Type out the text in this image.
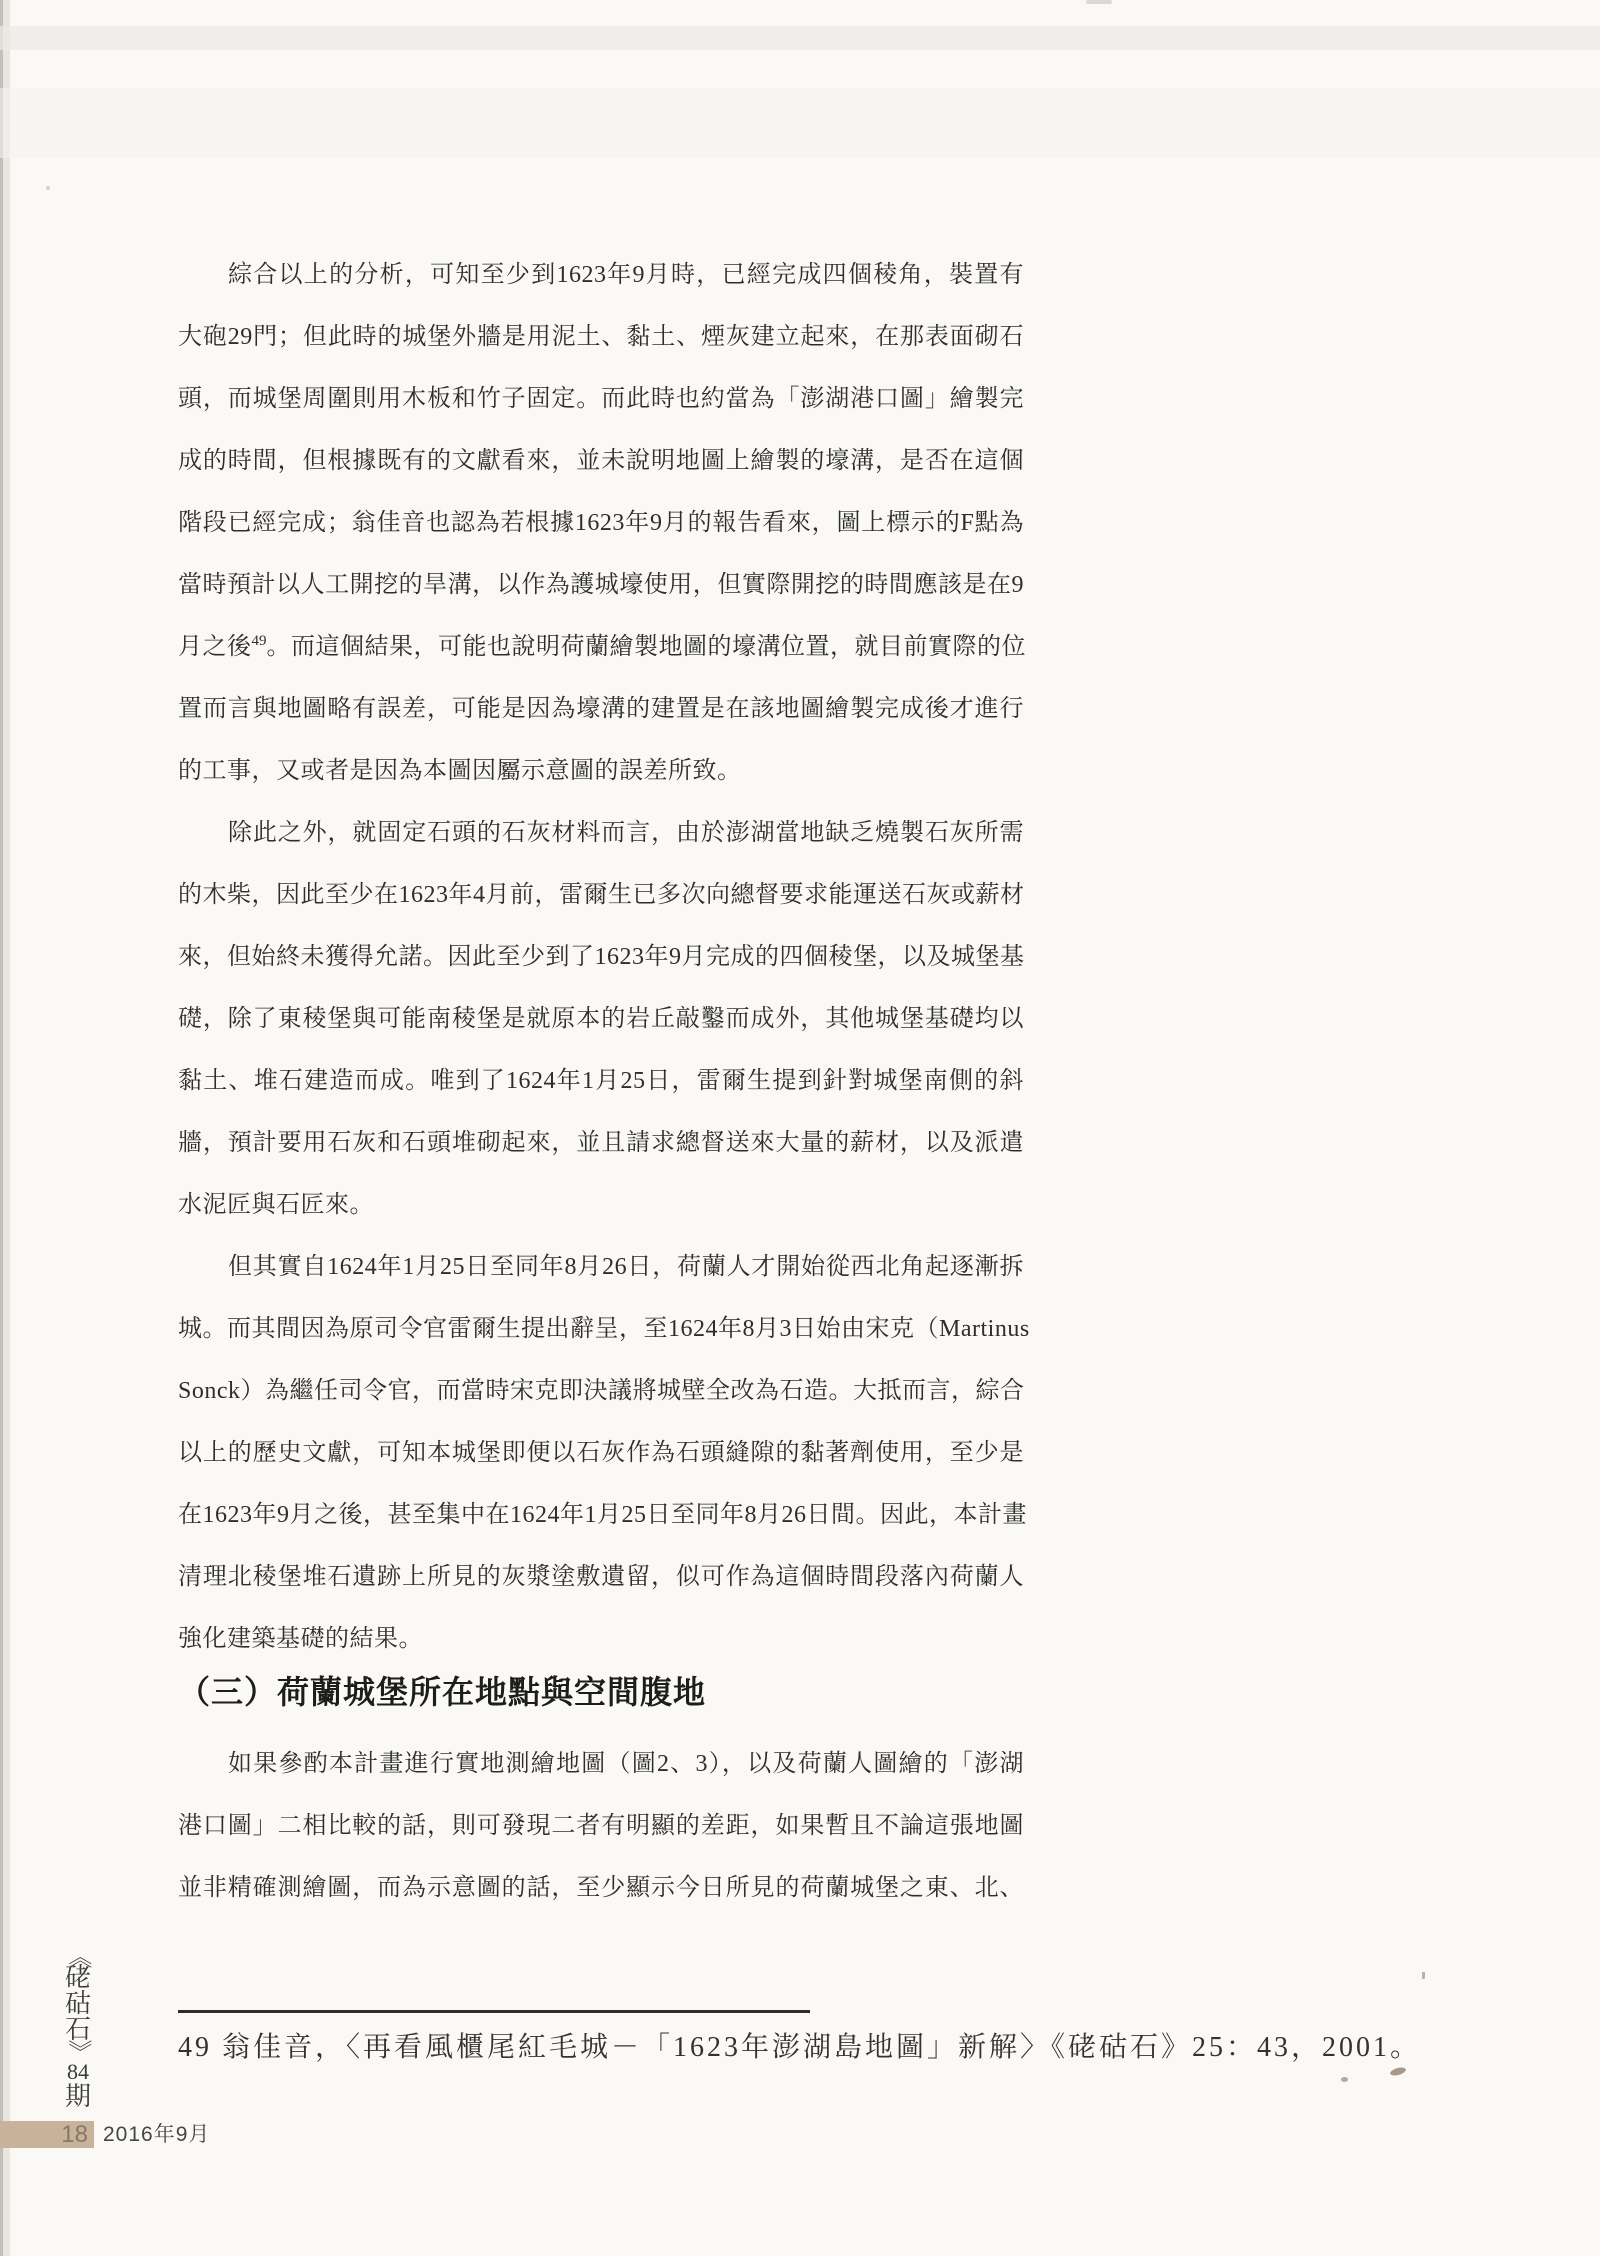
綜合以上的分析，可知至少到1623年9月時，已經完成四個稜角，裝置有
大砲29門；但此時的城堡外牆是用泥土、黏土、煙灰建立起來，在那表面砌石
頭，而城堡周圍則用木板和竹子固定。而此時也約當為「澎湖港口圖」繪製完
成的時間，但根據既有的文獻看來，並未說明地圖上繪製的壕溝，是否在這個
階段已經完成；翁佳音也認為若根據1623年9月的報告看來，圖上標示的F點為
當時預計以人工開挖的旱溝，以作為護城壕使用，但實際開挖的時間應該是在9
月之後$^{49}$。而這個結果，可能也說明荷蘭繪製地圖的壕溝位置，就目前實際的位
置而言與地圖略有誤差，可能是因為壕溝的建置是在該地圖繪製完成後才進行
的工事，又或者是因為本圖因屬示意圖的誤差所致。
除此之外，就固定石頭的石灰材料而言，由於澎湖當地缺乏燒製石灰所需
的木柴，因此至少在1623年4月前，雷爾生已多次向總督要求能運送石灰或薪材
來，但始終未獲得允諾。因此至少到了1623年9月完成的四個稜堡，以及城堡基
礎，除了東稜堡與可能南稜堡是就原本的岩丘敲鑿而成外，其他城堡基礎均以
黏土、堆石建造而成。唯到了1624年1月25日，雷爾生提到針對城堡南側的斜
牆，預計要用石灰和石頭堆砌起來，並且請求總督送來大量的薪材，以及派遣
水泥匠與石匠來。
但其實自1624年1月25日至同年8月26日，荷蘭人才開始從西北角起逐漸拆
城。而其間因為原司令官雷爾生提出辭呈，至1624年8月3日始由宋克（Martinus
Sonck）為繼任司令官，而當時宋克即決議將城壁全改為石造。大抵而言，綜合
以上的歷史文獻，可知本城堡即便以石灰作為石頭縫隙的黏著劑使用，至少是
在1623年9月之後，甚至集中在1624年1月25日至同年8月26日間。因此，本計畫
清理北稜堡堆石遺跡上所見的灰漿塗敷遺留，似可作為這個時間段落內荷蘭人
強化建築基礎的結果。
（三）荷蘭城堡所在地點與空間腹地
如果參酌本計畫進行實地測繪地圖（圖2、3），以及荷蘭人圖繪的「澎湖
港口圖」二相比較的話，則可發現二者有明顯的差距，如果暫且不論這張地圖
並非精確測繪圖，而為示意圖的話，至少顯示今日所見的荷蘭城堡之東、北、
49 翁佳音，〈再看風櫃尾紅毛城－「1623年澎湖島地圖」新解〉《硓𥑮石》25：43，2001。
《
硓
𥑮
石
》
84
期
18 2016年9月
